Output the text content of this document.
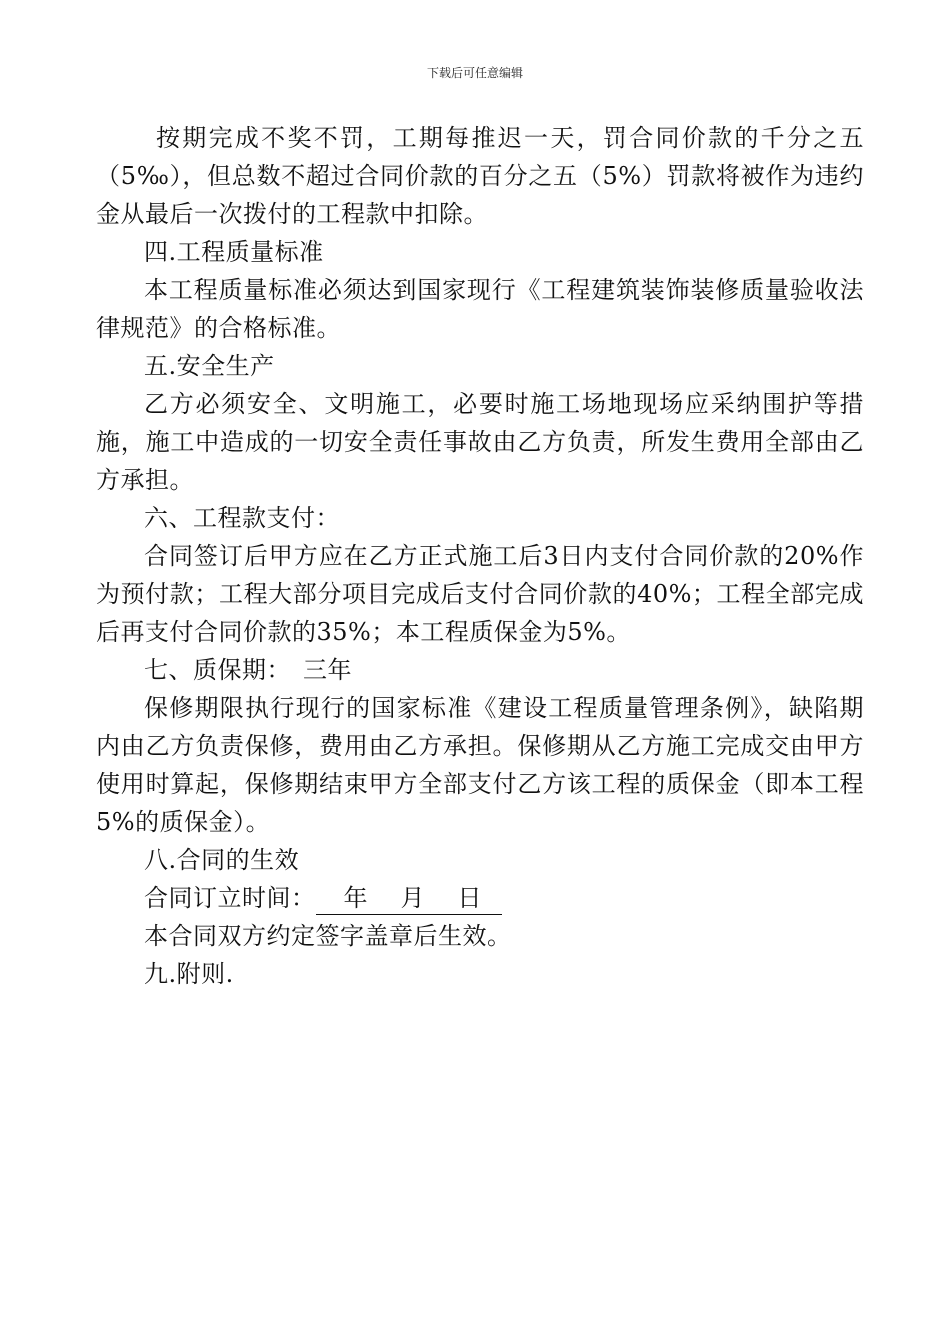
下载后可任意编辑

按期完成不奖不罚，工期每推迟一天，罚合同价款的千分之五（5‰），但总数不超过合同价款的百分之五（5%）罚款将被作为违约金从最后一次拨付的工程款中扣除。

四.工程质量标准

本工程质量标准必须达到国家现行《工程建筑装饰装修质量验收法律规范》的合格标准。

五.安全生产

乙方必须安全、文明施工，必要时施工场地现场应采纳围护等措施，施工中造成的一切安全责任事故由乙方负责，所发生费用全部由乙方承担。

六、工程款支付：

合同签订后甲方应在乙方正式施工后3日内支付合同价款的20%作为预付款；工程大部分项目完成后支付合同价款的40%；工程全部完成后再支付合同价款的35%；本工程质保金为5%。

七、质保期： 三年

保修期限执行现行的国家标准《建设工程质量管理条例》，缺陷期内由乙方负责保修，费用由乙方承担。保修期从乙方施工完成交由甲方使用时算起，保修期结束甲方全部支付乙方该工程的质保金（即本工程5%的质保金）。

八.合同的生效

合同订立时间： 年    月    日

本合同双方约定签字盖章后生效。

九.附则.
